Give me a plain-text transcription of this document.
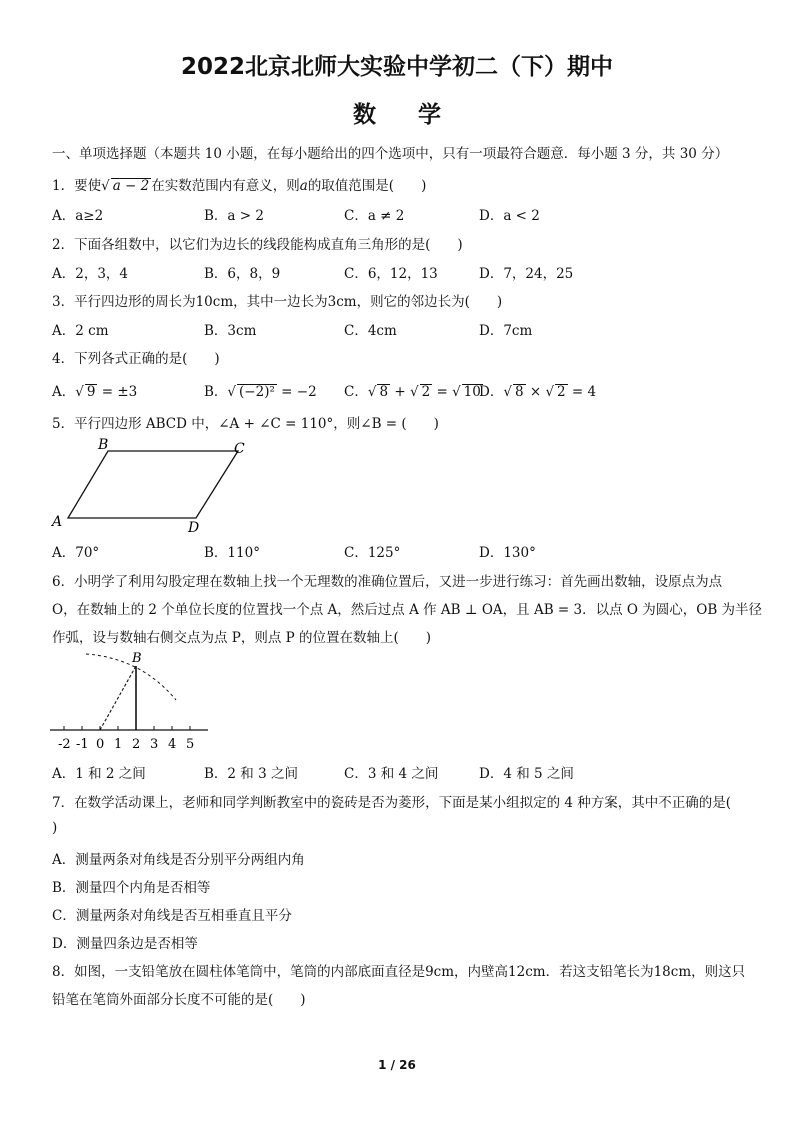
2022北京北师大实验中学初二（下）期中
数学
一、单项选择题（本题共 10 小题，在每小题给出的四个选项中，只有一项最符合题意．每小题 3 分，共 30 分）
1．要使√ a − 2 在实数范围内有意义，则a的取值范围是(　　)
A．a≥2	B．a > 2	C．a ≠ 2	D．a < 2
2．下面各组数中，以它们为边长的线段能构成直角三角形的是(　　)
A．2，3，4	B．6，8，9	C．6，12，13	D．7，24，25
3．平行四边形的周长为10cm，其中一边长为3cm，则它的邻边长为(　　)
A．2 cm	B．3cm	C．4cm	D．7cm
4．下列各式正确的是(　　)
A．√ 9 = ±3	B．√ (−2)² = −2 C．√ 8 + √ 2 = √ 10
D．√ 8 × √ 2 = 4
5．平行四边形 ABCD 中，∠A + ∠C = 110°，则∠B = (　　)
A
B	C
D
A．70°	B．110°	C．125°	D．130°
6．小明学了利用勾股定理在数轴上找一个无理数的准确位置后，又进一步进行练习：首先画出数轴，设原点为点
O，在数轴上的 2 个单位长度的位置找一个点 A，然后过点 A 作 AB ⊥ OA，且 AB = 3．以点 O 为圆心，OB 为半径
作弧，设与数轴右侧交点为点 P，则点 P 的位置在数轴上(　　)
B
-2 -1 0 1 2 3 4 5
A．1 和 2 之间	B．2 和 3 之间	C．3 和 4 之间	D．4 和 5 之间
7．在数学活动课上，老师和同学判断教室中的瓷砖是否为菱形，下面是某小组拟定的 4 种方案，其中不正确的是(
)
A．测量两条对角线是否分别平分两组内角
B．测量四个内角是否相等
C．测量两条对角线是否互相垂直且平分
D．测量四条边是否相等
8．如图，一支铅笔放在圆柱体笔筒中，笔筒的内部底面直径是9cm，内壁高12cm．若这支铅笔长为18cm，则这只
铅笔在笔筒外面部分长度不可能的是(　　)
1 / 26
